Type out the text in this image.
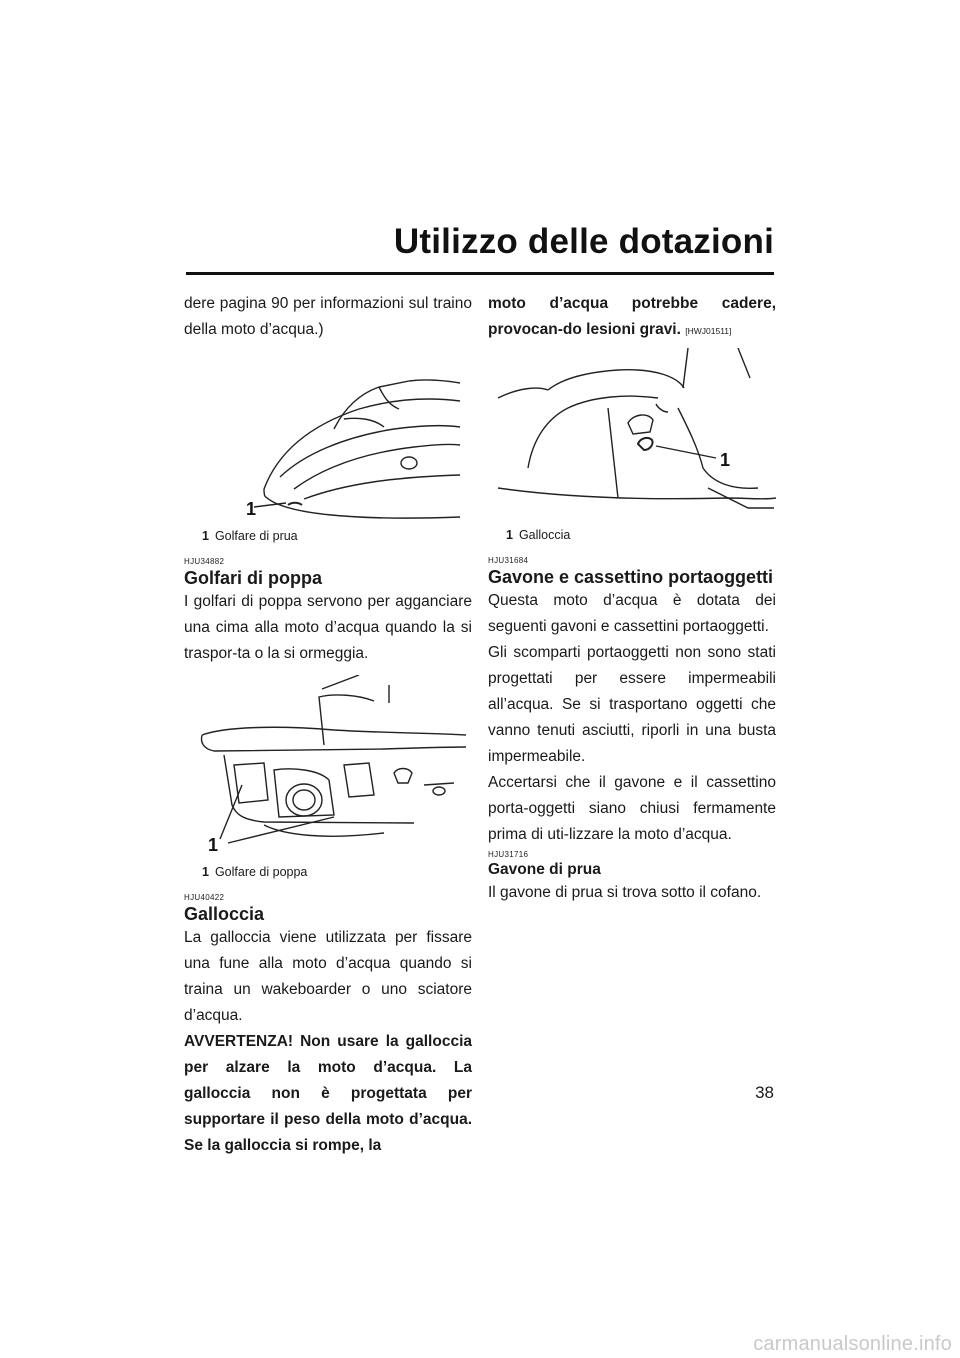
Utilizzo delle dotazioni

dere pagina 90 per informazioni sul traino della moto d’acqua.)

1
1 Golfare di prua

HJU34882

Golfari di poppa

I golfari di poppa servono per agganciare una cima alla moto d’acqua quando la si traspor-ta o la si ormeggia.

1
1 Golfare di poppa

HJU40422

Galloccia

La galloccia viene utilizzata per fissare una fune alla moto d’acqua quando si traina un wakeboarder o uno sciatore d’acqua.

AVVERTENZA! Non usare la galloccia per alzare la moto d’acqua. La galloccia non è progettata per supportare il peso della moto d’acqua. Se la galloccia si rompe, la

moto d’acqua potrebbe cadere, provocan-do lesioni gravi. [HWJ01511]

1
1 Galloccia

HJU31684

Gavone e cassettino portaoggetti

Questa moto d’acqua è dotata dei seguenti gavoni e cassettini portaoggetti.

Gli scomparti portaoggetti non sono stati progettati per essere impermeabili all’acqua. Se si trasportano oggetti che vanno tenuti asciutti, riporli in una busta impermeabile.

Accertarsi che il gavone e il cassettino porta-oggetti siano chiusi fermamente prima di uti-lizzare la moto d’acqua.

HJU31716

Gavone di prua

Il gavone di prua si trova sotto il cofano.

38
carmanualsonline.info
